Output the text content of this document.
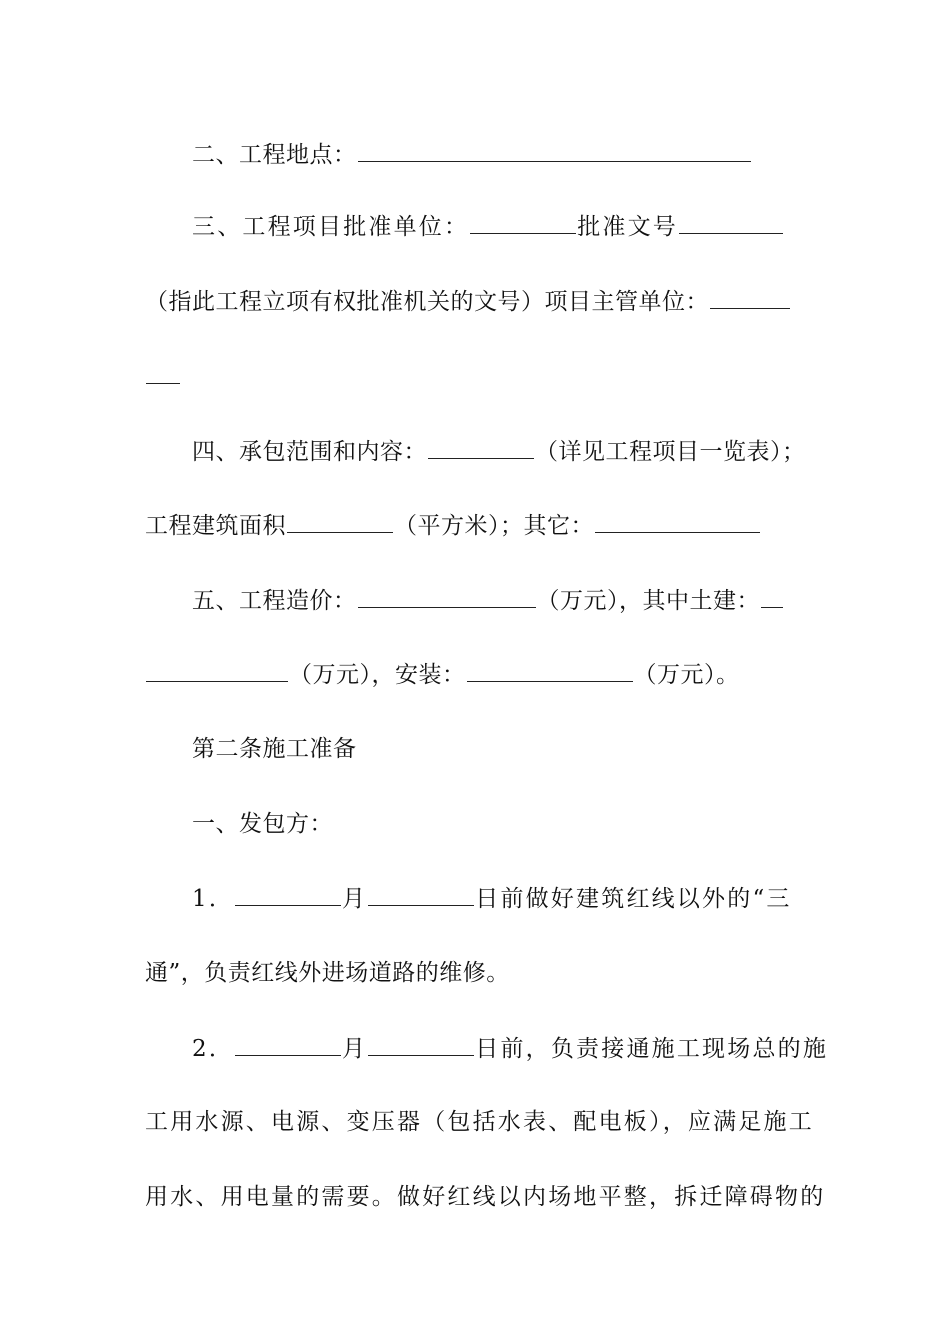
二、工程地点：
三、工程项目批准单位：	批准文号
（指此工程立项有权批准机关的文号）项目主管单位：
四、承包范围和内容：	（详见工程项目一览表）；
工程建筑面积	（平方米）；其它：
五、工程造价：	（万元），其中土建：
（万元），安装：	（万元）。
第二条施工准备
一、发包方：
1．	月	日前做好建筑红线以外的“三
通”，负责红线外进场道路的维修。
2．	月	日前，负责接通施工现场总的施
工用水源、电源、变压器（包括水表、配电板），应满足施工
用水、用电量的需要。做好红线以内场地平整，拆迁障碍物的
